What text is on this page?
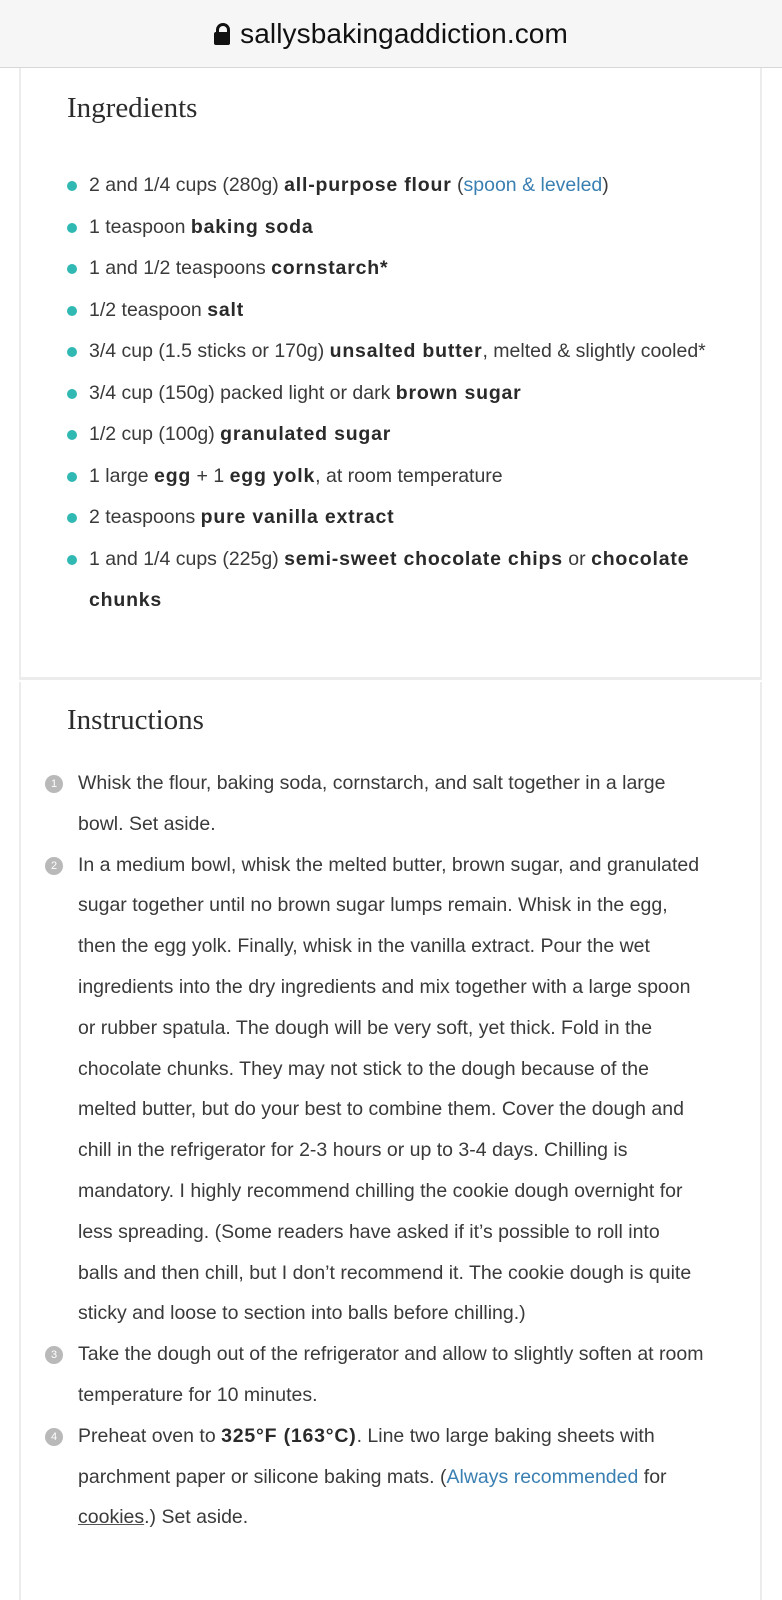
sallysbakingaddiction.com
Ingredients
2 and 1/4 cups (280g) all-purpose flour (spoon & leveled)
1 teaspoon baking soda
1 and 1/2 teaspoons cornstarch*
1/2 teaspoon salt
3/4 cup (1.5 sticks or 170g) unsalted butter, melted & slightly cooled*
3/4 cup (150g) packed light or dark brown sugar
1/2 cup (100g) granulated sugar
1 large egg + 1 egg yolk, at room temperature
2 teaspoons pure vanilla extract
1 and 1/4 cups (225g) semi-sweet chocolate chips or chocolate chunks
Instructions
1	Whisk the flour, baking soda, cornstarch, and salt together in a large bowl. Set aside.
2	In a medium bowl, whisk the melted butter, brown sugar, and granulated sugar together until no brown sugar lumps remain. Whisk in the egg, then the egg yolk. Finally, whisk in the vanilla extract. Pour the wet ingredients into the dry ingredients and mix together with a large spoon or rubber spatula. The dough will be very soft, yet thick. Fold in the chocolate chunks. They may not stick to the dough because of the melted butter, but do your best to combine them. Cover the dough and chill in the refrigerator for 2-3 hours or up to 3-4 days. Chilling is mandatory. I highly recommend chilling the cookie dough overnight for less spreading. (Some readers have asked if it’s possible to roll into balls and then chill, but I don’t recommend it. The cookie dough is quite sticky and loose to section into balls before chilling.)
3	Take the dough out of the refrigerator and allow to slightly soften at room temperature for 10 minutes.
4	Preheat oven to 325°F (163°C). Line two large baking sheets with parchment paper or silicone baking mats. (Always recommended for cookies.) Set aside.
